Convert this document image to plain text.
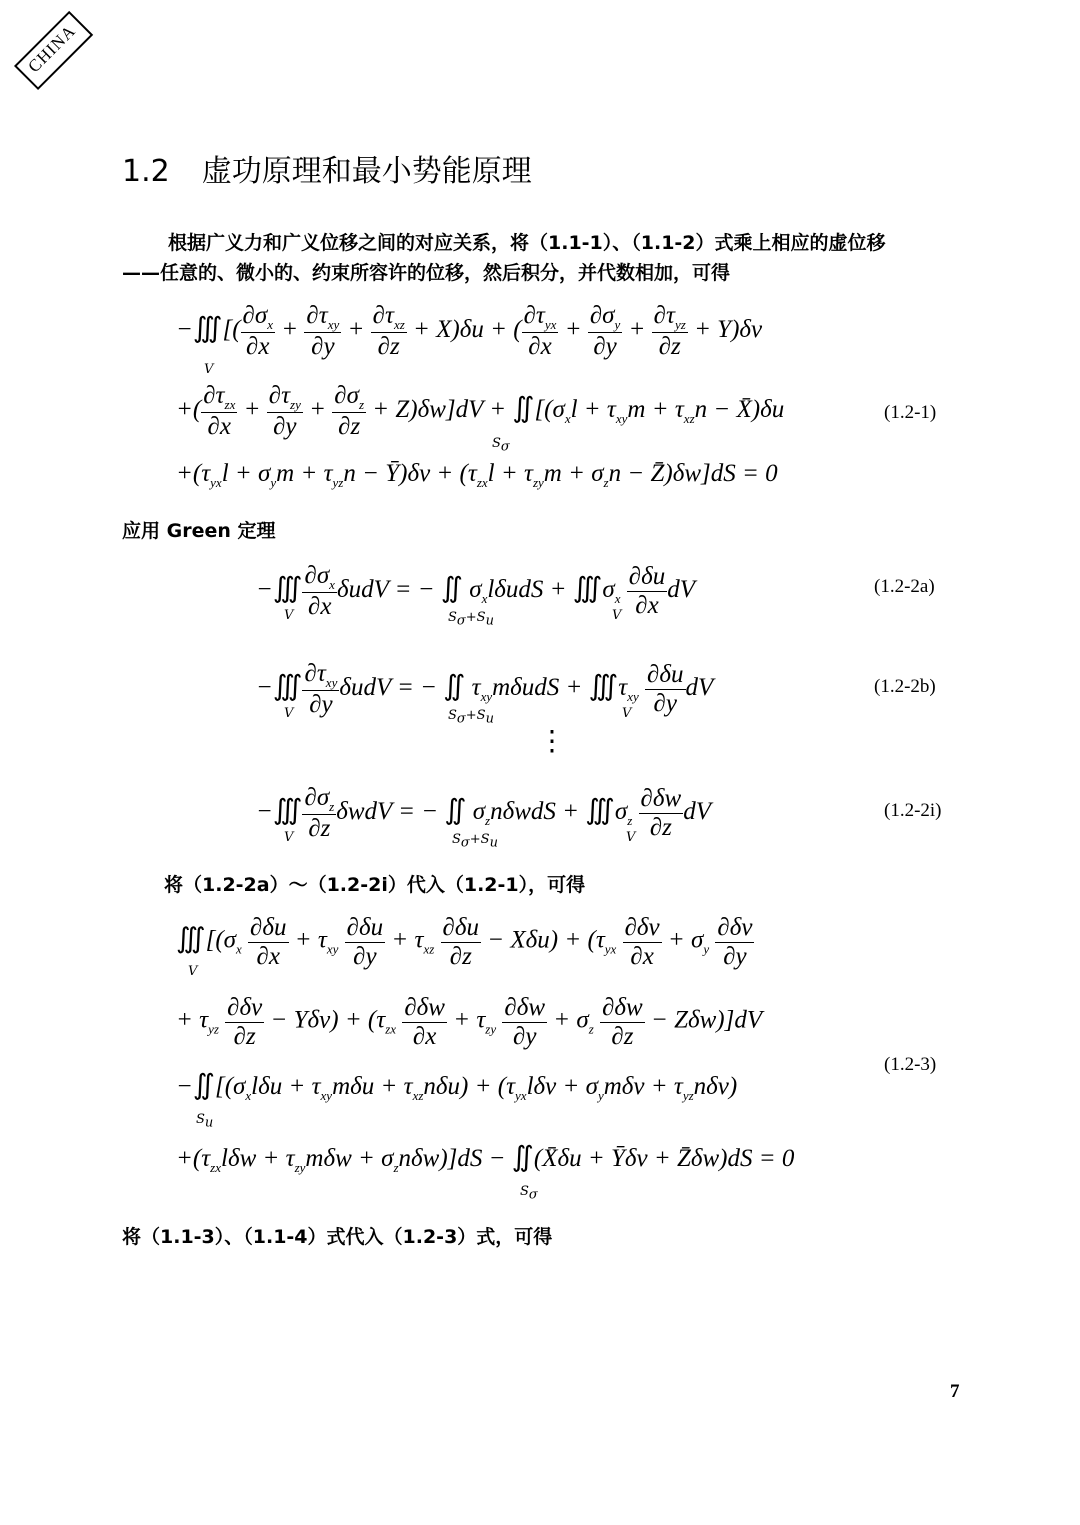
CHINA
1.2 虚功原理和最小势能原理
根据广义力和广义位移之间的对应关系，将（1.1-1）、（1.1-2）式乘上相应的虚位移
——任意的、微小的、约束所容许的位移，然后积分，并代数相加，可得
−∭[( $\frac{\partial\sigma_x}{\partial x} + \frac{\partial\tau_{xy}}{\partial y} + \frac{\partial\tau_{xz}}{\partial z} + X)\delta u$ + ( $\frac{\partial\tau_{yx}}{\partial x} + \frac{\partial\sigma_y}{\partial y} + \frac{\partial\tau_{yz}}{\partial z} + Y)\delta v$
V
+( $\frac{\partial\tau_{zx}}{\partial x} + \frac{\partial\tau_{zy}}{\partial y} + \frac{\partial\sigma_z}{\partial z} + Z)\delta w]dV$ + $∬[(\sigma_xl + \tau_{xy}m + \tau_{xz}n$ − X̄)δu
$S_\sigma$
(1.2-1)
$+(\tau_{yx}l + \sigma_ym + \tau_{yz}n$ − Ȳ)δv + ($\tau_{zx}l + \tau_{zy}m + \sigma_zn$ − Z̄)δw]dS = 0
应用 Green 定理
−∭ $\frac{\partial\sigma_x}{\partial x}$ δudV = − ∬ $\sigma_xl\delta udS$ + $∭\sigma_x \frac{\partial\delta u}{\partial x}$ dV
V	$S_\sigma+S_u$	V
(1.2-2a)
−∭ $\frac{\partial\tau_{xy}}{\partial y}$ δudV = − ∬ $\tau_{xy}m\delta udS$ + $∭\tau_{xy} \frac{\partial\delta u}{\partial y}$ dV
V	$S_\sigma+S_u$	V
(1.2-2b)
⋮
−∭ $\frac{\partial\sigma_z}{\partial z}$ δwdV = − ∬ $\sigma_zn\delta wdS$ + $∭\sigma_z \frac{\partial\delta w}{\partial z}$ dV
V	$S_\sigma+S_u$	V
(1.2-2i)
将（1.2-2a）～（1.2-2i）代入（1.2-1），可得
$∭[(\sigma_x \frac{\partial\delta u}{\partial x} + \tau_{xy} \frac{\partial\delta u}{\partial y} + \tau_{xz} \frac{\partial\delta u}{\partial z} - X\delta u) + (\tau_{yx} \frac{\partial\delta v}{\partial x} + \sigma_y \frac{\partial\delta v}{\partial y}$
V
+ $\tau_{yz} \frac{\partial\delta v}{\partial z} - Y\delta v) + (\tau_{zx} \frac{\partial\delta w}{\partial x} + \tau_{zy} \frac{\partial\delta w}{\partial y} + \sigma_z \frac{\partial\delta w}{\partial z} - Z\delta w)]dV$
$-∬[(\sigma_xl\delta u + \tau_{xy}m\delta u + \tau_{xz}n\delta u) + (\tau_{yx}l\delta v + \sigma_ym\delta v + \tau_{yz}n\delta v)$
$S_u$
(1.2-3)
$+(\tau_{zx}l\delta w + \tau_{zy}m\delta w + \sigma_zn\delta w)]dS$ − ∬(X̄δu + Ȳδv + Z̄δw)dS = 0
$S_\sigma$
将（1.1-3）、（1.1-4）式代入（1.2-3）式，可得
7
